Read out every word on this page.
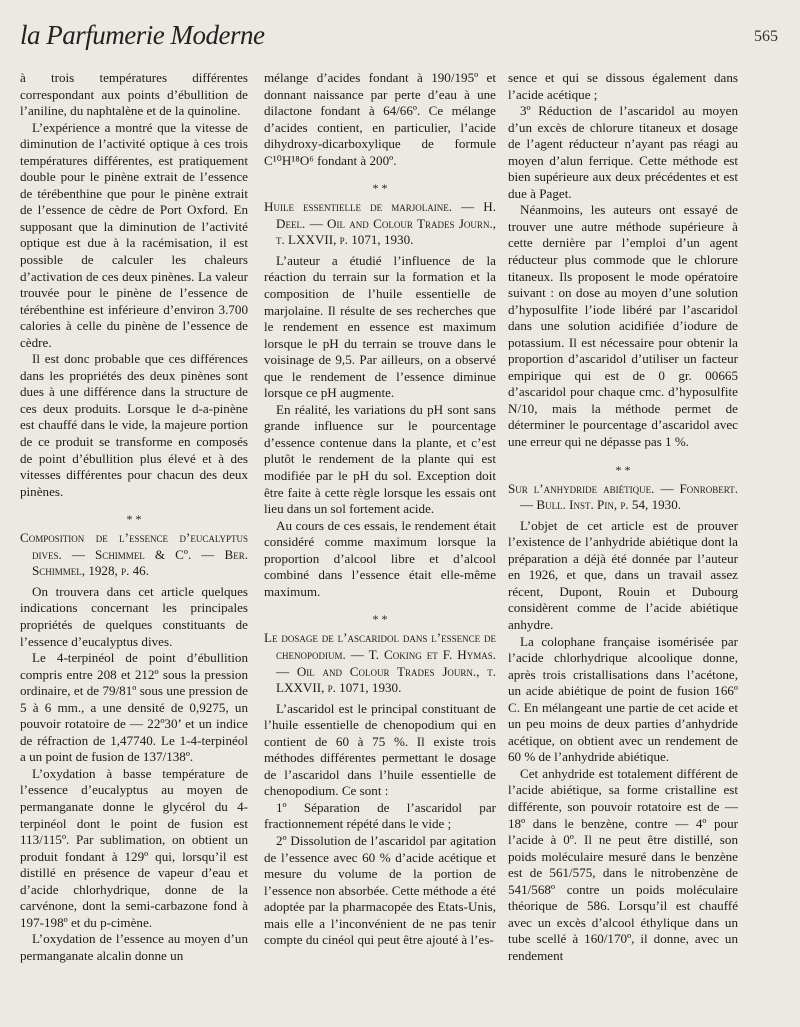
la Parfumerie Moderne	565

à trois températures différentes correspondant aux points d’ébullition de l’aniline, du naphtalène et de la quinoline.

L’expérience a montré que la vitesse de diminution de l’activité optique à ces trois températures différentes, est pratiquement double pour le pinène extrait de l’essence de térébenthine que pour le pinène extrait de l’essence de cèdre de Port Oxford. En supposant que la diminution de l’activité optique est due à la racémisation, il est possible de calculer les chaleurs d’activation de ces deux pinènes. La valeur trouvée pour le pinène de l’essence de térébenthine est inférieure d’environ 3.700 calories à celle du pinène de l’essence de cèdre.

Il est donc probable que ces différences dans les propriétés des deux pinènes sont dues à une différence dans la structure de ces deux produits. Lorsque le d-a-pinène est chauffé dans le vide, la majeure portion de ce produit se transforme en composés de point d’ébullition plus élevé et à des vitesses différentes pour chacun des deux pinènes.

* *

Composition de l’essence d’eucalyptus dives. — Schimmel & Cº. — Ber. Schimmel, 1928, p. 46.

On trouvera dans cet article quelques indications concernant les principales propriétés de quelques constituants de l’essence d’eucalyptus dives.

Le 4-terpinéol de point d’ébullition compris entre 208 et 212º sous la pression ordinaire, et de 79/81º sous une pression de 5 à 6 mm., a une densité de 0,9275, un pouvoir rotatoire de — 22º30’ et un indice de réfraction de 1,47740. Le 1-4-terpinéol a un point de fusion de 137/138º.

L’oxydation à basse température de l’essence d’eucalyptus au moyen de permanganate donne le glycérol du 4-terpinéol dont le point de fusion est 113/115º. Par sublimation, on obtient un produit fondant à 129º qui, lorsqu’il est distillé en présence de vapeur d’eau et d’acide chlorhydrique, donne de la carvénone, dont la semi-carbazone fond à 197-198º et du p-cimène.

L’oxydation de l’essence au moyen d’un permanganate alcalin donne un

mélange d’acides fondant à 190/195º et donnant naissance par perte d’eau à une dilactone fondant à 64/66º. Ce mélange d’acides contient, en particulier, l’acide dihydroxy-dicarboxylique de formule C¹⁰H¹⁸O⁶ fondant à 200º.

* *

Huile essentielle de marjolaine. — H. Deel. — Oil and Colour Trades Journ., t. LXXVII, p. 1071, 1930.

L’auteur a étudié l’influence de la réaction du terrain sur la formation et la composition de l’huile essentielle de marjolaine. Il résulte de ses recherches que le rendement en essence est maximum lorsque le pH du terrain se trouve dans le voisinage de 9,5. Par ailleurs, on a observé que le rendement de l’essence diminue lorsque ce pH augmente.

En réalité, les variations du pH sont sans grande influence sur le pourcentage d’essence contenue dans la plante, et c’est plutôt le rendement de la plante qui est modifiée par le pH du sol. Exception doit être faite à cette règle lorsque les essais ont lieu dans un sol fortement acide.

Au cours de ces essais, le rendement était considéré comme maximum lorsque la proportion d’alcool libre et d’alcool combiné dans l’essence était elle-même maximum.

* *

Le dosage de l’ascaridol dans l’essence de chenopodium. — T. Coking et F. Hymas. — Oil and Colour Trades Journ., t. LXXVII, p. 1071, 1930.

L’ascaridol est le principal constituant de l’huile essentielle de chenopodium qui en contient de 60 à 75 %. Il existe trois méthodes différentes permettant le dosage de l’ascaridol dans l’huile essentielle de chenopodium. Ce sont :

1º Séparation de l’ascaridol par fractionnement répété dans le vide ;

2º Dissolution de l’ascaridol par agitation de l’essence avec 60 % d’acide acétique et mesure du volume de la portion de l’essence non absorbée. Cette méthode a été adoptée par la pharmacopée des Etats-Unis, mais elle a l’inconvénient de ne pas tenir compte du cinéol qui peut être ajouté à l’es-

sence et qui se dissous également dans l’acide acétique ;

3º Réduction de l’ascaridol au moyen d’un excès de chlorure titaneux et dosage de l’agent réducteur n’ayant pas réagi au moyen d’alun ferrique. Cette méthode est bien supérieure aux deux précédentes et est due à Paget.

Néanmoins, les auteurs ont essayé de trouver une autre méthode supérieure à cette dernière par l’emploi d’un agent réducteur plus commode que le chlorure titaneux. Ils proposent le mode opératoire suivant : on dose au moyen d’une solution d’hyposulfite l’iode libéré par l’ascaridol dans une solution acidifiée d’iodure de potassium. Il est nécessaire pour obtenir la proportion d’ascaridol d’utiliser un facteur empirique qui est de 0 gr. 00665 d’ascaridol pour chaque cmc. d’hyposulfite N/10, mais la méthode permet de déterminer le pourcentage d’ascaridol avec une erreur qui ne dépasse pas 1 %.

* *

Sur l’anhydride abiétique. — Fonrobert. — Bull. Inst. Pin, p. 54, 1930.

L’objet de cet article est de prouver l’existence de l’anhydride abiétique dont la préparation a déjà été donnée par l’auteur en 1926, et que, dans un travail assez récent, Dupont, Rouin et Dubourg considèrent comme de l’acide abiétique anhydre.

La colophane française isomérisée par l’acide chlorhydrique alcoolique donne, après trois cristallisations dans l’acétone, un acide abiétique de point de fusion 166º C. En mélangeant une partie de cet acide et un peu moins de deux parties d’anhydride acétique, on obtient avec un rendement de 60 % de l’anhydride abiétique.

Cet anhydride est totalement différent de l’acide abiétique, sa forme cristalline est différente, son pouvoir rotatoire est de —18º dans le benzène, contre — 4º pour l’acide à 0º. Il ne peut être distillé, son poids moléculaire mesuré dans le benzène est de 561/575, dans le nitrobenzène de 541/568º contre un poids moléculaire théorique de 586. Lorsqu’il est chauffé avec un excès d’alcool éthylique dans un tube scellé à 160/170º, il donne, avec un rendement
